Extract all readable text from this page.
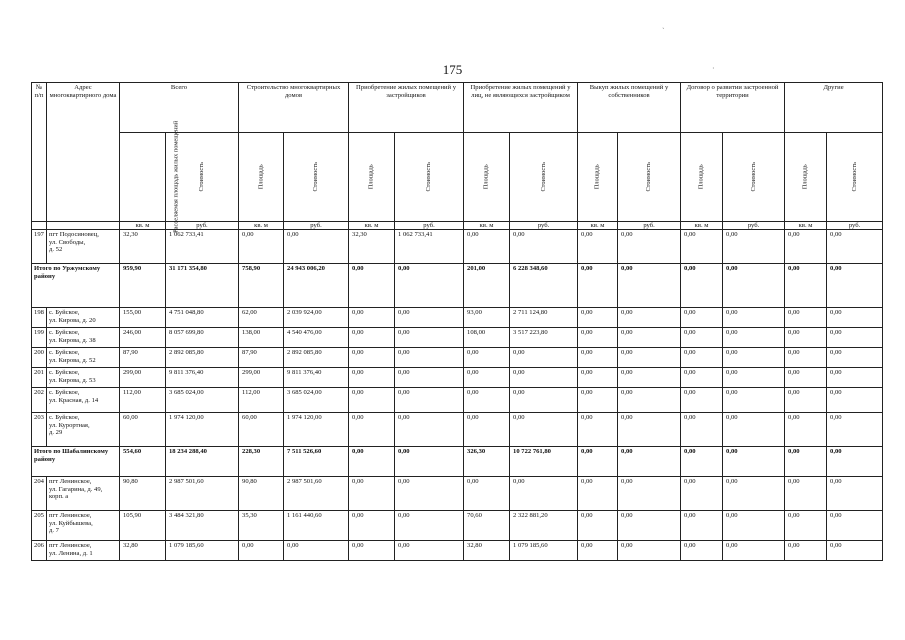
175
ˎ
·
№ п/п	Адрес многоквартирного дома	Всего		Строительство многоквартирных домов		Приобретение жилых помещений у застройщиков		Приобретение жилых помещений у лиц, не являющихся застройщиком		Выкуп жилых помещений у собственников		Договор о развитии застроенной территории		Другие	
		Расселяемая площадь жилых помещений	Стоимость	Площадь	Стоимость	Площадь	Стоимость	Площадь	Стоимость	Площадь	Стоимость	Площадь	Стоимость	Площадь	Стоимость
		кв. м	руб.	кв. м	руб.	кв. м	руб.	кв. м	руб.	кв. м	руб.	кв. м	руб.	кв. м	руб.
197	пгт Подосиновец,
ул. Свободы,
д. 52	32,30	1 062 733,41	0,00	0,00	32,30	1 062 733,41	0,00	0,00	0,00	0,00	0,00	0,00	0,00	0,00
Итого по Уржумскому району		959,90	31 171 354,80	758,90	24 943 006,20	0,00	0,00	201,00	6 228 348,60	0,00	0,00	0,00	0,00	0,00	0,00
198	с. Буйское,
ул. Кирова, д. 20	155,00	4 751 048,80	62,00	2 039 924,00	0,00	0,00	93,00	2 711 124,80	0,00	0,00	0,00	0,00	0,00	0,00
199	с. Буйское,
ул. Кирова, д. 38	246,00	8 057 699,80	138,00	4 540 476,00	0,00	0,00	108,00	3 517 223,80	0,00	0,00	0,00	0,00	0,00	0,00
200	с. Буйское,
ул. Кирова, д. 52	87,90	2 892 085,80	87,90	2 892 085,80	0,00	0,00	0,00	0,00	0,00	0,00	0,00	0,00	0,00	0,00
201	с. Буйское,
ул. Кирова, д. 53	299,00	9 811 376,40	299,00	9 811 376,40	0,00	0,00	0,00	0,00	0,00	0,00	0,00	0,00	0,00	0,00
202	с. Буйское,
ул. Красная, д. 14	112,00	3 685 024,00	112,00	3 685 024,00	0,00	0,00	0,00	0,00	0,00	0,00	0,00	0,00	0,00	0,00
203	с. Буйское,
ул. Курортная,
д. 29	60,00	1 974 120,00	60,00	1 974 120,00	0,00	0,00	0,00	0,00	0,00	0,00	0,00	0,00	0,00	0,00
Итого по Шабалинскому району		554,60	18 234 288,40	228,30	7 511 526,60	0,00	0,00	326,30	10 722 761,80	0,00	0,00	0,00	0,00	0,00	0,00
204	пгт Ленинское,
ул. Гагарина, д. 49,
корп. а	90,80	2 987 501,60	90,80	2 987 501,60	0,00	0,00	0,00	0,00	0,00	0,00	0,00	0,00	0,00	0,00
205	пгт Ленинское,
ул. Куйбышева,
д. 7	105,90	3 484 321,80	35,30	1 161 440,60	0,00	0,00	70,60	2 322 881,20	0,00	0,00	0,00	0,00	0,00	0,00
206	пгт Ленинское,
ул. Ленина, д. 1	32,80	1 079 185,60	0,00	0,00	0,00	0,00	32,80	1 079 185,60	0,00	0,00	0,00	0,00	0,00	0,00
